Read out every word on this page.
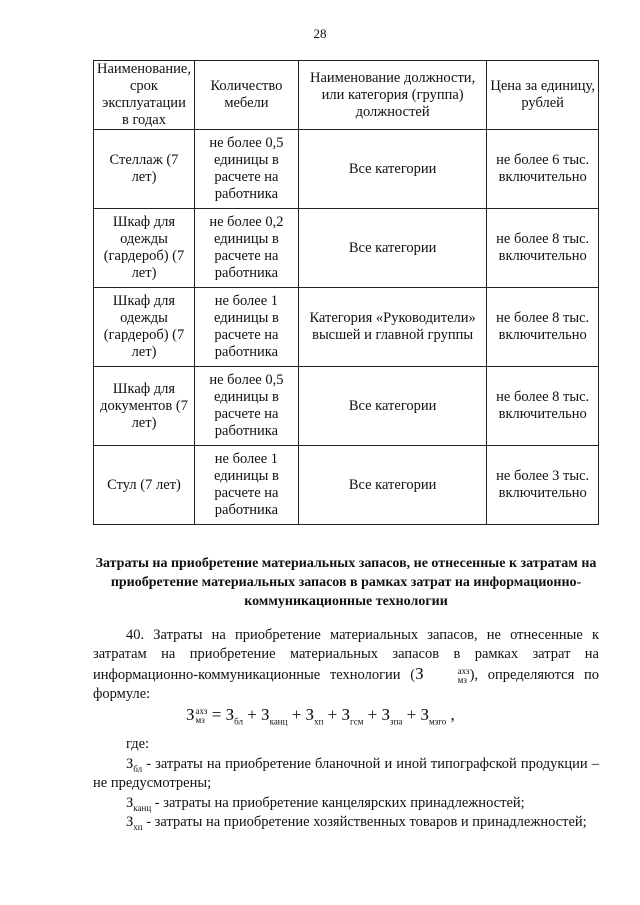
28
Наименование, срок эксплуатации в годах	Количество мебели	Наименование должности, или категория (группа) должностей	Цена за единицу, рублей
Стеллаж (7 лет)	не более 0,5 единицы в расчете на работника	Все категории	не более 6 тыс. включительно
Шкаф для одежды (гардероб) (7 лет)	не более 0,2 единицы в расчете на работника	Все категории	не более 8 тыс. включительно
Шкаф для одежды (гардероб) (7 лет)	не более 1 единицы в расчете на работника	Категория «Руководители» высшей и главной группы	не более 8 тыс. включительно
Шкаф для документов (7 лет)	не более 0,5 единицы в расчете на работника	Все категории	не более 8 тыс. включительно
Стул (7 лет)	не более 1 единицы в расчете на работника	Все категории	не более 3 тыс. включительно
Затраты на приобретение материальных запасов, не отнесенные к затратам на приобретение материальных запасов в рамках затрат на информационно-коммуникационные технологии
40. Затраты на приобретение материальных запасов, не отнесенные к затратам на приобретение материальных запасов в рамках затрат на информационно-коммуникационные технологии (З	ахз
мз ), определяются по формуле:
З ахз
мз = $З_{бл} + З_{канц} + З_{хп} + З_{гсм} + З_{зпа} + З_{мзго}$ ,
где:
$З_{бл}$ - затраты на приобретение бланочной и иной типографской продукции – не предусмотрены;
$З_{канц}$ - затраты на приобретение канцелярских принадлежностей;
$З_{хп}$ - затраты на приобретение хозяйственных товаров и принадлежностей;
